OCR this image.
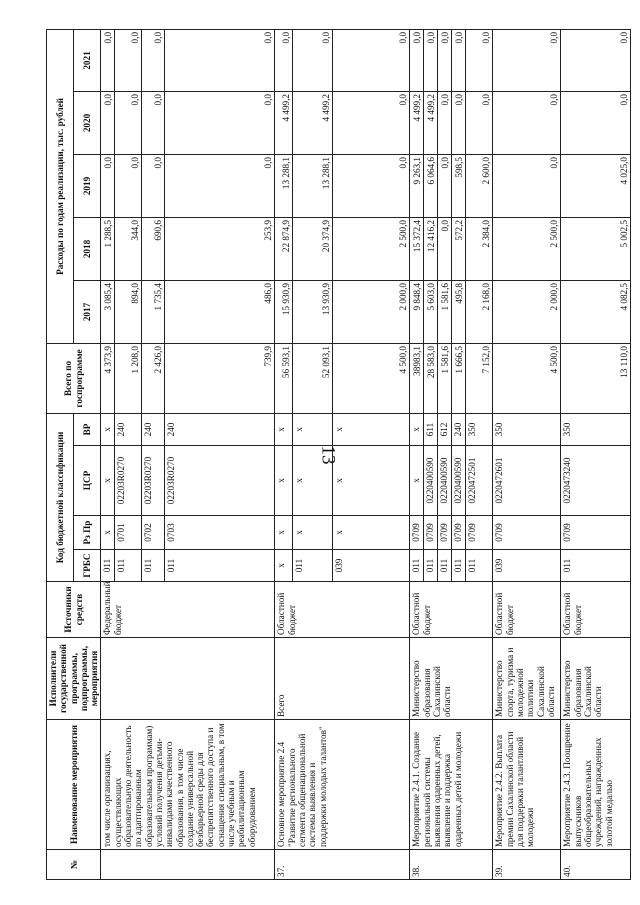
13
№	Наименование мероприятия	Исполнители государственной программы, подпрограммы, мероприятия	Источники средств	Код бюджетной классификации				Всего по госпрограмме	Расходы по годам реализации, тыс. рублей				
				ГРБС	Рз Пр	ЦСР	ВР		2017	2018	2019	2020	2021
	том числе организациях, осуществляющих образовательную деятельность по адаптированным образовательным программам) условий получения детьми-инвалидами качественного образования, в том числе создание универсальной безбарьерной среды для беспрепятственного доступа и оснащения специальным, в том числе учебным и реабилитационным оборудованием		Федеральный бюджет	011	x	x	x	4 373,9	3 085,4	1 288,5	0,0	0,0	0,0
				011	0701	02203R0270	240	1 208,0	894,0	344,0	0,0	0,0	0,0
				011	0702	02203R0270	240	2 426,0	1 735,4	690,6	0,0	0,0	0,0
				011	0703	02203R0270	240	739,9	486,0	253,9	0,0	0,0	0,0
37.	Основное мероприятие 2.4 "Развитие регионального сегмента общенациональной системы выявления и поддержки молодых талантов"	Всего	Областной бюджет	x	x	x	x	56 593,1	15 930,9	22 874,9	13 288,1	4 499,2	0,0
				011	x	x	x	52 093,1	13 930,9	20 374,9	13 288,1	4 499,2	0,0
				039	x	x	x	4 500,0	2 000,0	2 500,0	0,0	0,0	0,0
38.	Мероприятие 2.4.1. Создание региональной системы выявления одаренных детей, выявление и поддержка одаренных детей и молодежи	Министерство образования Сахалинской области	Областной бюджет	011	0709	x	x	38983,1	9 848,4	15 372,4	9 263,1	4 499,2	0,0
				011	0709	0220400590	611	28 583,0	5 603,0	12 416,2	6 064,6	4 499,2	0,0
				011	0709	0220400590	612	1 581,6	1 581,6	0,0	0,0	0,0	0,0
				011	0709	0220400590	240	1 666,5	495,8	572,2	598,5	0,0	0,0
				011	0709	0220472501	350	7 152,0	2 168,0	2 384,0	2 600,0	0,0	0,0
39.	Мероприятие 2.4.2. Выплата премии Сахалинской области для поддержки талантливой молодежи	Министерство спорта, туризма и молодежной политики Сахалинской области	Областной бюджет	039	0709	0220472601	350	4 500,0	2 000,0	2 500,0	0,0	0,0	0,0
40.	Мероприятие 2.4.3. Поощрение выпускников общеобразовательных учреждений, награжденных золотой медалью	Министерство образования Сахалинской области	Областной бюджет	011	0709	0220473240	350	13 110,0	4 082,5	5 002,5	4 025,0	0,0	0,0
